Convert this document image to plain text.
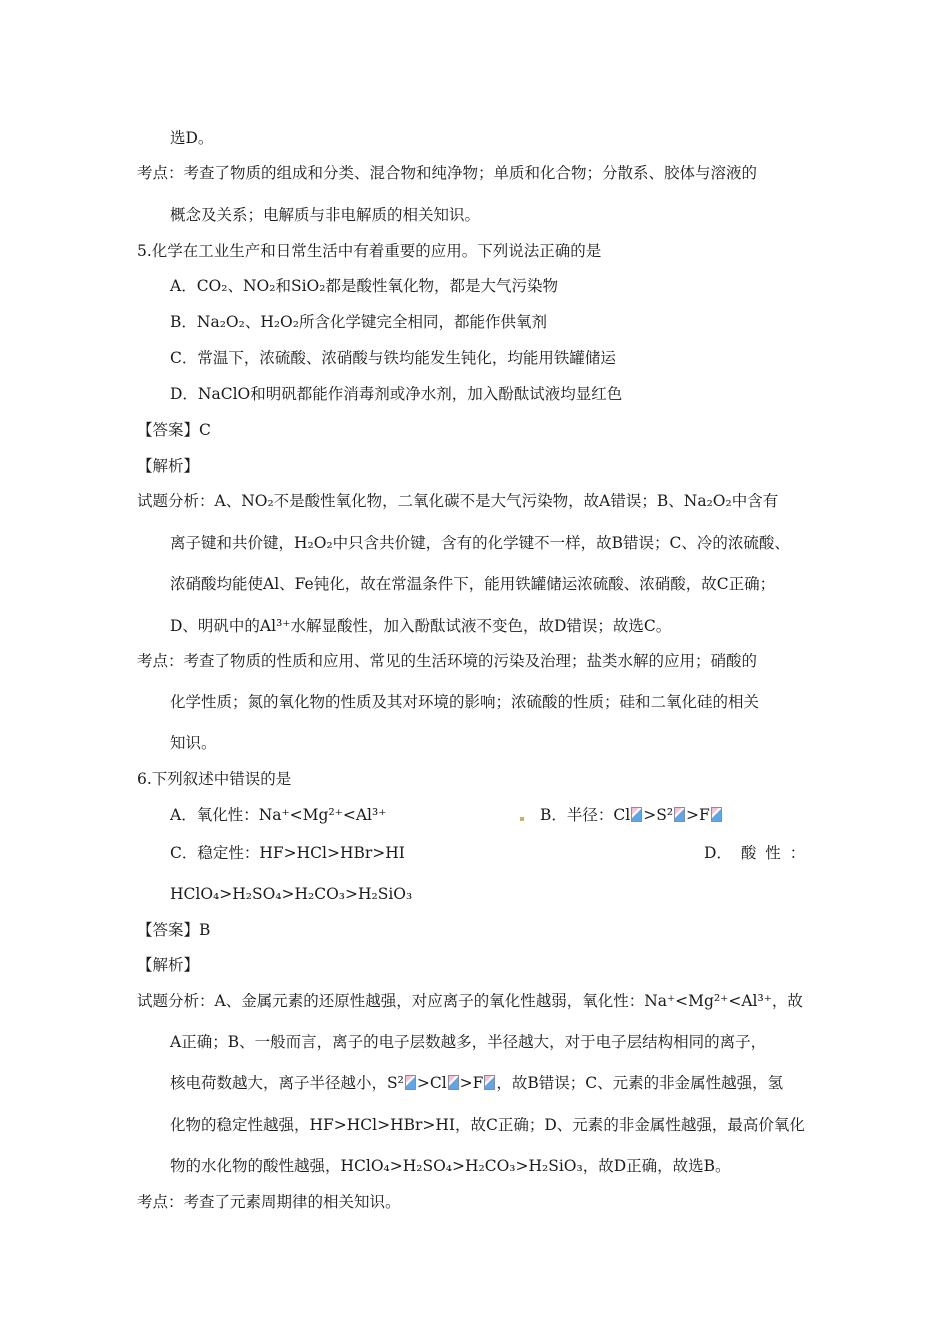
选D。
考点：考查了物质的组成和分类、混合物和纯净物；单质和化合物；分散系、胶体与溶液的
概念及关系；电解质与非电解质的相关知识。
5.化学在工业生产和日常生活中有着重要的应用。下列说法正确的是
A．CO₂、NO₂和SiO₂都是酸性氧化物，都是大气污染物
B．Na₂O₂、H₂O₂所含化学键完全相同，都能作供氧剂
C．常温下，浓硫酸、浓硝酸与铁均能发生钝化，均能用铁罐储运
D．NaClO和明矾都能作消毒剂或净水剂，加入酚酞试液均显红色
【答案】C
【解析】
试题分析：A、NO₂不是酸性氧化物，二氧化碳不是大气污染物，故A错误；B、Na₂O₂中含有
离子键和共价键，H₂O₂中只含共价键，含有的化学键不一样，故B错误；C、冷的浓硫酸、
浓硝酸均能使Al、Fe钝化，故在常温条件下，能用铁罐储运浓硫酸、浓硝酸，故C正确；
D、明矾中的Al³⁺水解显酸性，加入酚酞试液不变色，故D错误；故选C。
考点：考查了物质的性质和应用、常见的生活环境的污染及治理；盐类水解的应用；硝酸的
化学性质；氮的氧化物的性质及其对环境的影响；浓硫酸的性质；硅和二氧化硅的相关
知识。
6.下列叙述中错误的是
A．氧化性：Na⁺<Mg²⁺<Al³⁺	B．半径：Cl >S² >F
C．稳定性：HF>HCl>HBr>HI	D． 酸 性 ：
HClO₄>H₂SO₄>H₂CO₃>H₂SiO₃
【答案】B
【解析】
试题分析：A、金属元素的还原性越强，对应离子的氧化性越弱，氧化性：Na⁺<Mg²⁺<Al³⁺，故
A正确；B、一般而言，离子的电子层数越多，半径越大，对于电子层结构相同的离子，
核电荷数越大，离子半径越小，S² >Cl >F ，故B错误；C、元素的非金属性越强，氢
化物的稳定性越强，HF>HCl>HBr>HI，故C正确；D、元素的非金属性越强，最高价氧化
物的水化物的酸性越强，HClO₄>H₂SO₄>H₂CO₃>H₂SiO₃，故D正确，故选B。
考点：考查了元素周期律的相关知识。
